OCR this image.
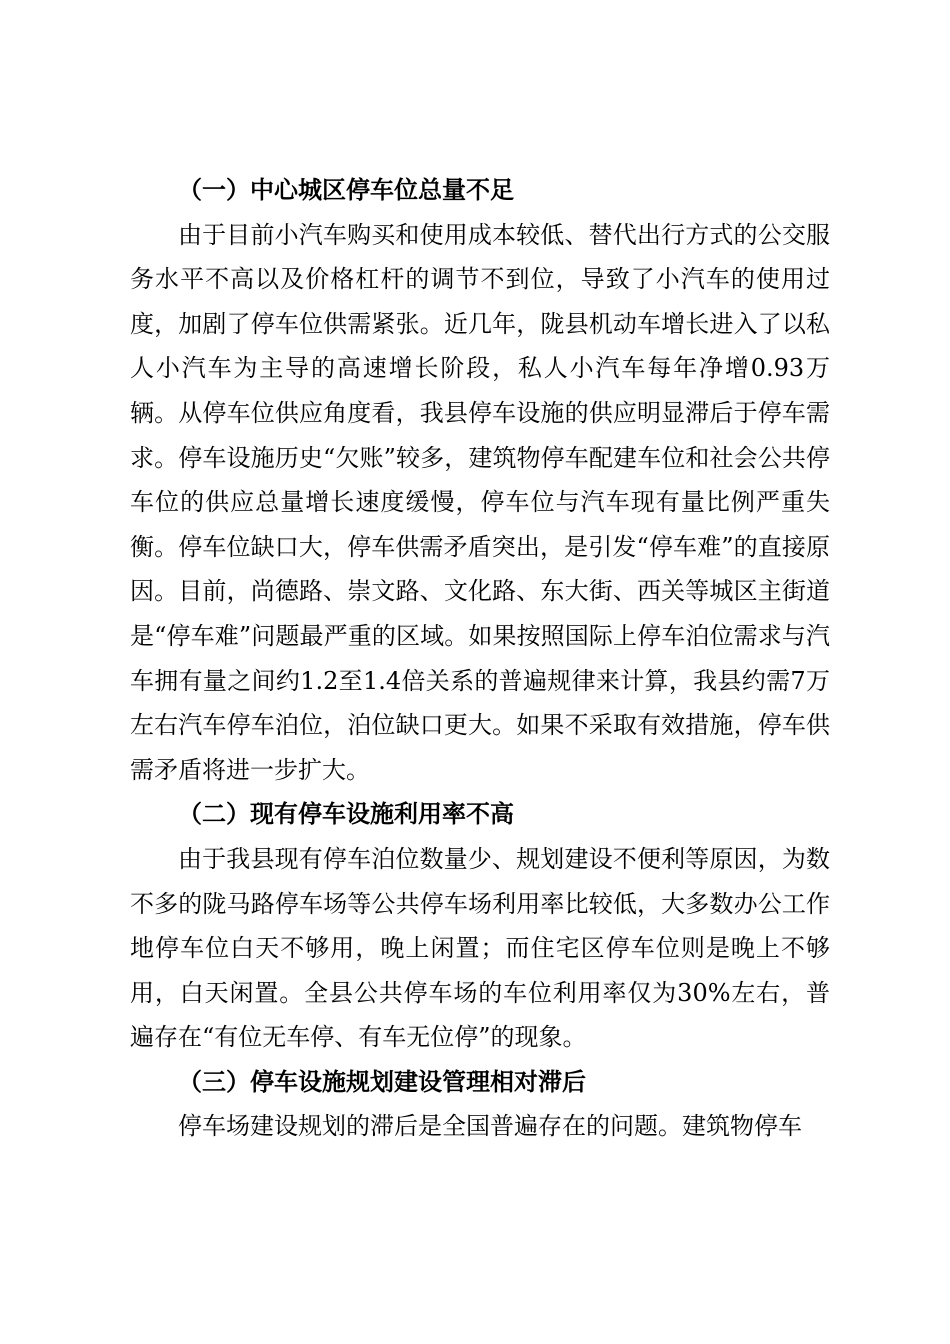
（一）中心城区停车位总量不足

由于目前小汽车购买和使用成本较低、替代出行方式的公交服务水平不高以及价格杠杆的调节不到位，导致了小汽车的使用过度，加剧了停车位供需紧张。近几年，陇县机动车增长进入了以私人小汽车为主导的高速增长阶段，私人小汽车每年净增0.93万辆。从停车位供应角度看，我县停车设施的供应明显滞后于停车需求。停车设施历史“欠账”较多，建筑物停车配建车位和社会公共停车位的供应总量增长速度缓慢，停车位与汽车现有量比例严重失衡。停车位缺口大，停车供需矛盾突出，是引发“停车难”的直接原因。目前，尚德路、崇文路、文化路、东大街、西关等城区主街道是“停车难”问题最严重的区域。如果按照国际上停车泊位需求与汽车拥有量之间约1.2至1.4倍关系的普遍规律来计算，我县约需7万左右汽车停车泊位，泊位缺口更大。如果不采取有效措施，停车供需矛盾将进一步扩大。

（二）现有停车设施利用率不高

由于我县现有停车泊位数量少、规划建设不便利等原因，为数不多的陇马路停车场等公共停车场利用率比较低，大多数办公工作地停车位白天不够用，晚上闲置；而住宅区停车位则是晚上不够用，白天闲置。全县公共停车场的车位利用率仅为30%左右，普遍存在“有位无车停、有车无位停”的现象。

（三）停车设施规划建设管理相对滞后

停车场建设规划的滞后是全国普遍存在的问题。建筑物停车
